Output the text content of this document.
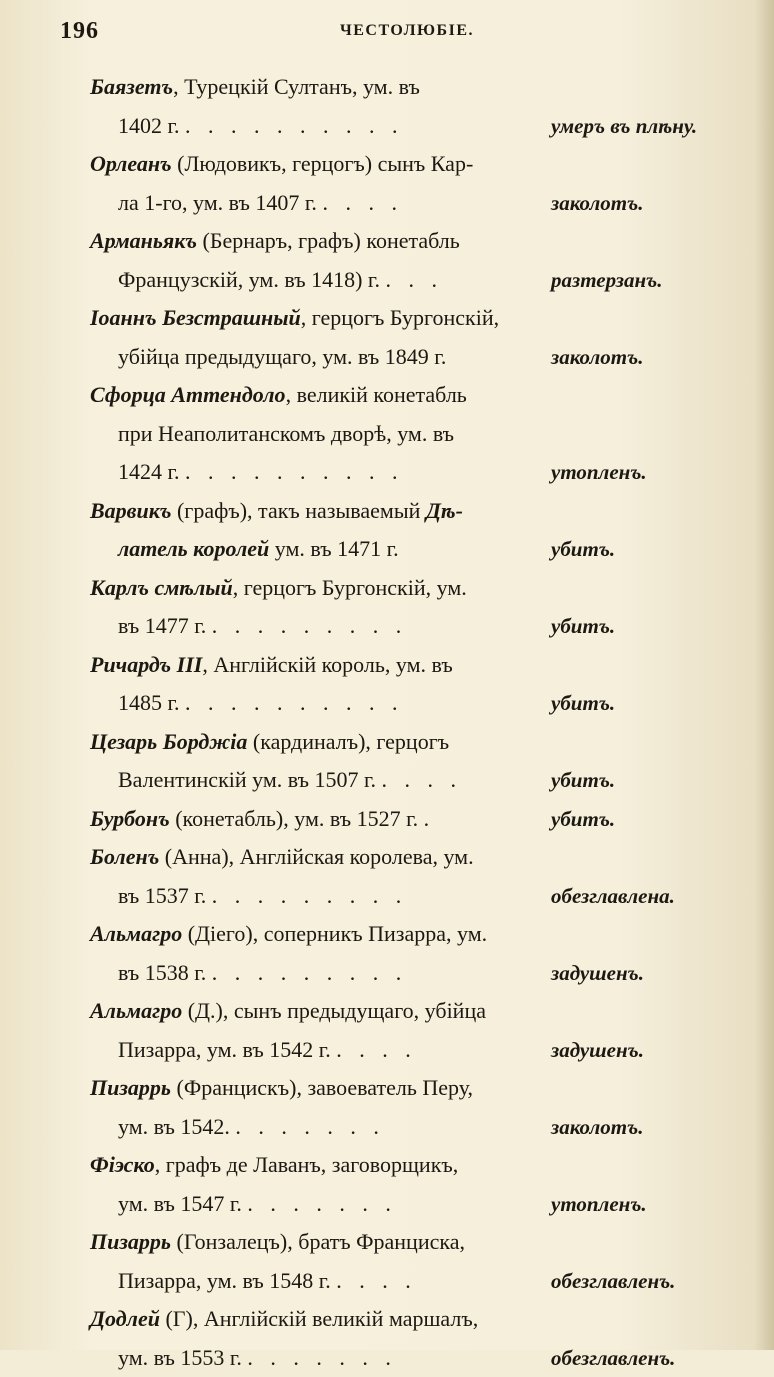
196	ЧЕСТОЛЮБІЕ.
Баязетъ, Турецкій Султанъ, ум. въ
1402 г. . . . . . . . . . .	умеръ въ плѣну.
Орлеанъ (Людовикъ, герцогъ) сынъ Кар-
ла 1-го, ум. въ 1407 г. . . . .	заколотъ.
Арманьякъ (Бернаръ, графъ) конетабль
Французскій, ум. въ 1418) г. . . .	разтерзанъ.
Іоаннъ Безстрашный, герцогъ Бургонскій,
убійца предыдущаго, ум. въ 1849 г.	заколотъ.
Сфорца Аттендоло, великій конетабль
при Неаполитанскомъ дворѣ, ум. въ
1424 г. . . . . . . . . . .	утопленъ.
Варвикъ (графъ), такъ называемый Дѣ-
латель королей ум. въ 1471 г.	убитъ.
Карлъ смѣлый, герцогъ Бургонскій, ум.
въ 1477 г. . . . . . . . . .	убитъ.
Ричардъ III, Англійскій король, ум. въ
1485 г. . . . . . . . . . .	убитъ.
Цезарь Борджіа (кардиналъ), герцогъ
Валентинскій ум. въ 1507 г. . . . .	убитъ.
Бурбонъ (конетабль), ум. въ 1527 г. .	убитъ.
Боленъ (Анна), Англійская королева, ум.
въ 1537 г. . . . . . . . . .	обезглавлена.
Альмагро (Діего), соперникъ Пизарра, ум.
въ 1538 г. . . . . . . . . .	задушенъ.
Альмагро (Д.), сынъ предыдущаго, убійца
Пизарра, ум. въ 1542 г. . . . .	задушенъ.
Пизаррь (Францискъ), завоеватель Перу,
ум. въ 1542. . . . . . . .	заколотъ.
Фіэско, графъ де Лаванъ, заговорщикъ,
ум. въ 1547 г. . . . . . . .	утопленъ.
Пизаррь (Гонзалецъ), братъ Франциска,
Пизарра, ум. въ 1548 г. . . . .	обезглавленъ.
Додлей (Г), Англійскій великій маршалъ,
ум. въ 1553 г. . . . . . . .	обезглавленъ.
